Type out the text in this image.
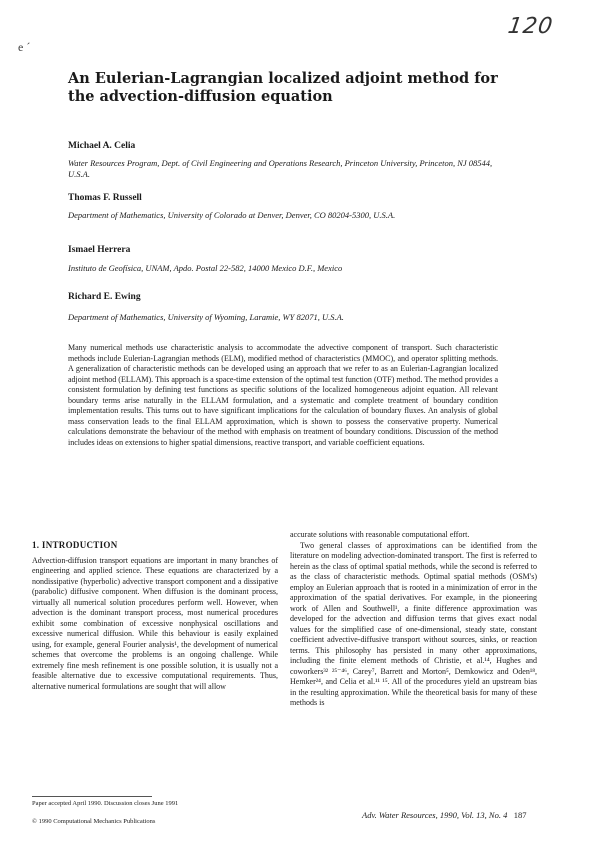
120
e ˊ
An Eulerian-Lagrangian localized adjoint method for the advection-diffusion equation
Michael A. Celia
Water Resources Program, Dept. of Civil Engineering and Operations Research, Princeton University, Princeton, NJ 08544, U.S.A.
Thomas F. Russell
Department of Mathematics, University of Colorado at Denver, Denver, CO 80204-5300, U.S.A.
Ismael Herrera
Instituto de Geofísica, UNAM, Apdo. Postal 22-582, 14000 Mexico D.F., Mexico
Richard E. Ewing
Department of Mathematics, University of Wyoming, Laramie, WY 82071, U.S.A.
Many numerical methods use characteristic analysis to accommodate the advective component of transport. Such characteristic methods include Eulerian-Lagrangian methods (ELM), modified method of characteristics (MMOC), and operator splitting methods. A generalization of characteristic methods can be developed using an approach that we refer to as an Eulerian-Lagrangian localized adjoint method (ELLAM). This approach is a space-time extension of the optimal test function (OTF) method. The method provides a consistent formulation by defining test functions as specific solutions of the localized homogeneous adjoint equation. All relevant boundary terms arise naturally in the ELLAM formulation, and a systematic and complete treatment of boundary condition implementation results. This turns out to have significant implications for the calculation of boundary fluxes. An analysis of global mass conservation leads to the final ELLAM approximation, which is shown to possess the conservative property. Numerical calculations demonstrate the behaviour of the method with emphasis on treatment of boundary conditions. Discussion of the method includes ideas on extensions to higher spatial dimensions, reactive transport, and variable coefficient equations.
1. INTRODUCTION

Advection-diffusion transport equations are important in many branches of engineering and applied science. These equations are characterized by a nondissipative (hyperbolic) advective transport component and a dissipative (parabolic) diffusive component. When diffusion is the dominant process, virtually all numerical solution procedures perform well. However, when advection is the dominant transport process, most numerical procedures exhibit some combination of excessive nonphysical oscillations and excessive numerical diffusion. While this behaviour is easily explained using, for example, general Fourier analysis¹, the development of numerical schemes that overcome the problems is an ongoing challenge. While extremely fine mesh refinement is one possible solution, it is usually not a feasible alternative due to excessive computational requirements. Thus, alternative numerical formulations are sought that will allow

accurate solutions with reasonable computational effort.

Two general classes of approximations can be identified from the literature on modeling advection-dominated transport. The first is referred to herein as the class of optimal spatial methods, while the second is referred to as the class of characteristic methods. Optimal spatial methods (OSM's) employ an Eulerian approach that is rooted in a minimization of error in the approximation of the spatial derivatives. For example, in the pioneering work of Allen and Southwell¹, a finite difference approximation was developed for the advection and diffusion terms that gives exact nodal values for the simplified case of one-dimensional, steady state, constant coefficient advective-diffusive transport without sources, sinks, or reaction terms. This philosophy has persisted in many other approximations, including the finite element methods of Christie, et al.¹⁴, Hughes and coworkers³² ²⁵⁻⁴⁶, Carey⁷, Barrett and Morton⁵, Demkowicz and Oden¹⁸, Hemker²⁴, and Celia et al.¹¹ ¹⁵. All of the procedures yield an upstream bias in the resulting approximation. While the theoretical basis for many of these methods is

Paper accepted April 1990. Discussion closes June 1991
© 1990 Computational Mechanics Publications
Adv. Water Resources, 1990, Vol. 13, No. 4 187
